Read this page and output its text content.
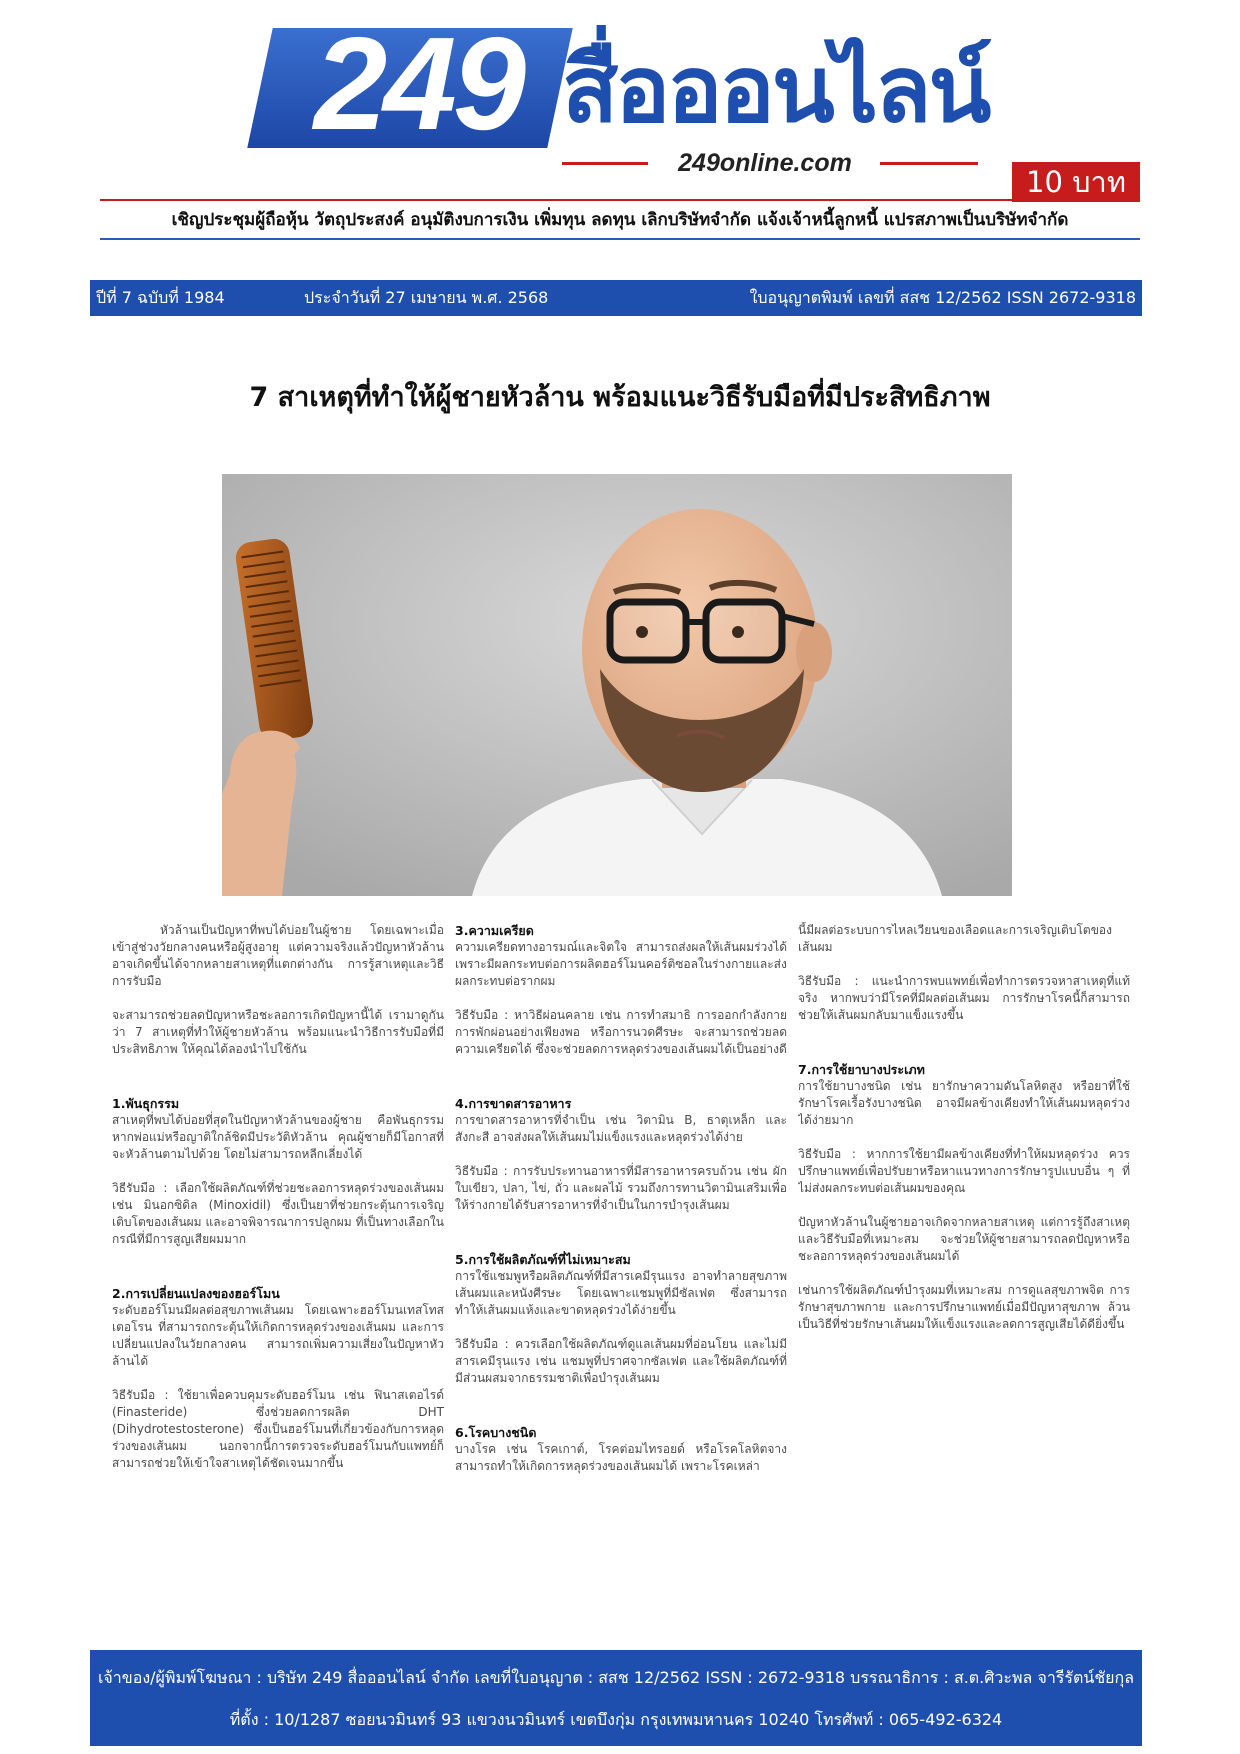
249 สื่อออนไลน์
249online.com
10 บาท
เชิญประชุมผู้ถือหุ้น วัตถุประสงค์ อนุมัติงบการเงิน เพิ่มทุน ลดทุน เลิกบริษัทจำกัด แจ้งเจ้าหนี้ลูกหนี้ แปรสภาพเป็นบริษัทจำกัด
ปีที่ 7 ฉบับที่ 1984	ประจำวันที่ 27 เมษายน พ.ศ. 2568	ใบอนุญาตพิมพ์ เลขที่ สสช 12/2562 ISSN 2672-9318
7 สาเหตุที่ทำให้ผู้ชายหัวล้าน พร้อมแนะวิธีรับมือที่มีประสิทธิภาพ

หัวล้านเป็นปัญหาที่พบได้บ่อยในผู้ชาย โดยเฉพาะเมื่อเข้าสู่ช่วงวัยกลางคนหรือผู้สูงอายุ แต่ความจริงแล้วปัญหาหัวล้านอาจเกิดขึ้นได้จากหลายสาเหตุที่แตกต่างกัน การรู้สาเหตุและวิธีการรับมือ

จะสามารถช่วยลดปัญหาหรือชะลอการเกิดปัญหานี้ได้ เรามาดูกันว่า 7 สาเหตุที่ทำให้ผู้ชายหัวล้าน พร้อมแนะนำวิธีการรับมือที่มีประสิทธิภาพ ให้คุณได้ลองนำไปใช้กัน

1.พันธุกรรม

สาเหตุที่พบได้บ่อยที่สุดในปัญหาหัวล้านของผู้ชาย คือพันธุกรรม หากพ่อแม่หรือญาติใกล้ชิดมีประวัติหัวล้าน คุณผู้ชายก็มีโอกาสที่จะหัวล้านตามไปด้วย โดยไม่สามารถหลีกเลี่ยงได้

วิธีรับมือ : เลือกใช้ผลิตภัณฑ์ที่ช่วยชะลอการหลุดร่วงของเส้นผม เช่น มินอกซิดิล (Minoxidil) ซึ่งเป็นยาที่ช่วยกระตุ้นการเจริญเติบโตของเส้นผม และอาจพิจารณาการปลูกผม ที่เป็นทางเลือกในกรณีที่มีการสูญเสียผมมาก

2.การเปลี่ยนแปลงของฮอร์โมน

ระดับฮอร์โมนมีผลต่อสุขภาพเส้นผม โดยเฉพาะฮอร์โมนเทสโทสเตอโรน ที่สามารถกระตุ้นให้เกิดการหลุดร่วงของเส้นผม และการเปลี่ยนแปลงในวัยกลางคน สามารถเพิ่มความเสี่ยงในปัญหาหัวล้านได้

วิธีรับมือ : ใช้ยาเพื่อควบคุมระดับฮอร์โมน เช่น ฟินาสเตอไรด์ (Finasteride) ซึ่งช่วยลดการผลิต DHT (Dihydrotestosterone) ซึ่งเป็นฮอร์โมนที่เกี่ยวข้องกับการหลุดร่วงของเส้นผม นอกจากนี้การตรวจระดับฮอร์โมนกับแพทย์ก็สามารถช่วยให้เข้าใจสาเหตุได้ชัดเจนมากขึ้น

3.ความเครียด

ความเครียดทางอารมณ์และจิตใจ สามารถส่งผลให้เส้นผมร่วงได้ เพราะมีผลกระทบต่อการผลิตฮอร์โมนคอร์ติซอลในร่างกายและส่งผลกระทบต่อรากผม

วิธีรับมือ : หาวิธีผ่อนคลาย เช่น การทำสมาธิ การออกกำลังกาย การพักผ่อนอย่างเพียงพอ หรือการนวดศีรษะ จะสามารถช่วยลดความเครียดได้ ซึ่งจะช่วยลดการหลุดร่วงของเส้นผมได้เป็นอย่างดี

4.การขาดสารอาหาร

การขาดสารอาหารที่จำเป็น เช่น วิตามิน B, ธาตุเหล็ก และสังกะสี อาจส่งผลให้เส้นผมไม่แข็งแรงและหลุดร่วงได้ง่าย

วิธีรับมือ : การรับประทานอาหารที่มีสารอาหารครบถ้วน เช่น ผักใบเขียว, ปลา, ไข่, ถั่ว และผลไม้ รวมถึงการทานวิตามินเสริมเพื่อให้ร่างกายได้รับสารอาหารที่จำเป็นในการบำรุงเส้นผม

5.การใช้ผลิตภัณฑ์ที่ไม่เหมาะสม

การใช้แชมพูหรือผลิตภัณฑ์ที่มีสารเคมีรุนแรง อาจทำลายสุขภาพเส้นผมและหนังศีรษะ โดยเฉพาะแชมพูที่มีซัลเฟต ซึ่งสามารถทำให้เส้นผมแห้งและขาดหลุดร่วงได้ง่ายขึ้น

วิธีรับมือ : ควรเลือกใช้ผลิตภัณฑ์ดูแลเส้นผมที่อ่อนโยน และไม่มีสารเคมีรุนแรง เช่น แชมพูที่ปราศจากซัลเฟต และใช้ผลิตภัณฑ์ที่มีส่วนผสมจากธรรมชาติเพื่อบำรุงเส้นผม

6.โรคบางชนิด

บางโรค เช่น โรคเกาต์, โรคต่อมไทรอยด์ หรือโรคโลหิตจาง สามารถทำให้เกิดการหลุดร่วงของเส้นผมได้ เพราะโรคเหล่า

นี้มีผลต่อระบบการไหลเวียนของเลือดและการเจริญเติบโตของเส้นผม

วิธีรับมือ : แนะนำการพบแพทย์เพื่อทำการตรวจหาสาเหตุที่แท้จริง หากพบว่ามีโรคที่มีผลต่อเส้นผม การรักษาโรคนี้ก็สามารถช่วยให้เส้นผมกลับมาแข็งแรงขึ้น

7.การใช้ยาบางประเภท

การใช้ยาบางชนิด เช่น ยารักษาความดันโลหิตสูง หรือยาที่ใช้รักษาโรคเรื้อรังบางชนิด อาจมีผลข้างเคียงทำให้เส้นผมหลุดร่วงได้ง่ายมาก

วิธีรับมือ : หากการใช้ยามีผลข้างเคียงที่ทำให้ผมหลุดร่วง ควรปรึกษาแพทย์เพื่อปรับยาหรือหาแนวทางการรักษารูปแบบอื่น ๆ ที่ไม่ส่งผลกระทบต่อเส้นผมของคุณ

ปัญหาหัวล้านในผู้ชายอาจเกิดจากหลายสาเหตุ แต่การรู้ถึงสาเหตุและวิธีรับมือที่เหมาะสม จะช่วยให้ผู้ชายสามารถลดปัญหาหรือชะลอการหลุดร่วงของเส้นผมได้

เช่นการใช้ผลิตภัณฑ์บำรุงผมที่เหมาะสม การดูแลสุขภาพจิต การรักษาสุขภาพกาย และการปรึกษาแพทย์เมื่อมีปัญหาสุขภาพ ล้วนเป็นวิธีที่ช่วยรักษาเส้นผมให้แข็งแรงและลดการสูญเสียได้ดียิ่งขึ้น

เจ้าของ/ผู้พิมพ์โฆษณา : บริษัท 249 สื่อออนไลน์ จำกัด เลขที่ใบอนุญาต : สสช 12/2562 ISSN : 2672-9318 บรรณาธิการ : ส.ต.ศิวะพล จารีรัตน์ชัยกุล
ที่ตั้ง : 10/1287 ซอยนวมินทร์ 93 แขวงนวมินทร์ เขตบึงกุ่ม กรุงเทพมหานคร 10240 โทรศัพท์ : 065-492-6324
